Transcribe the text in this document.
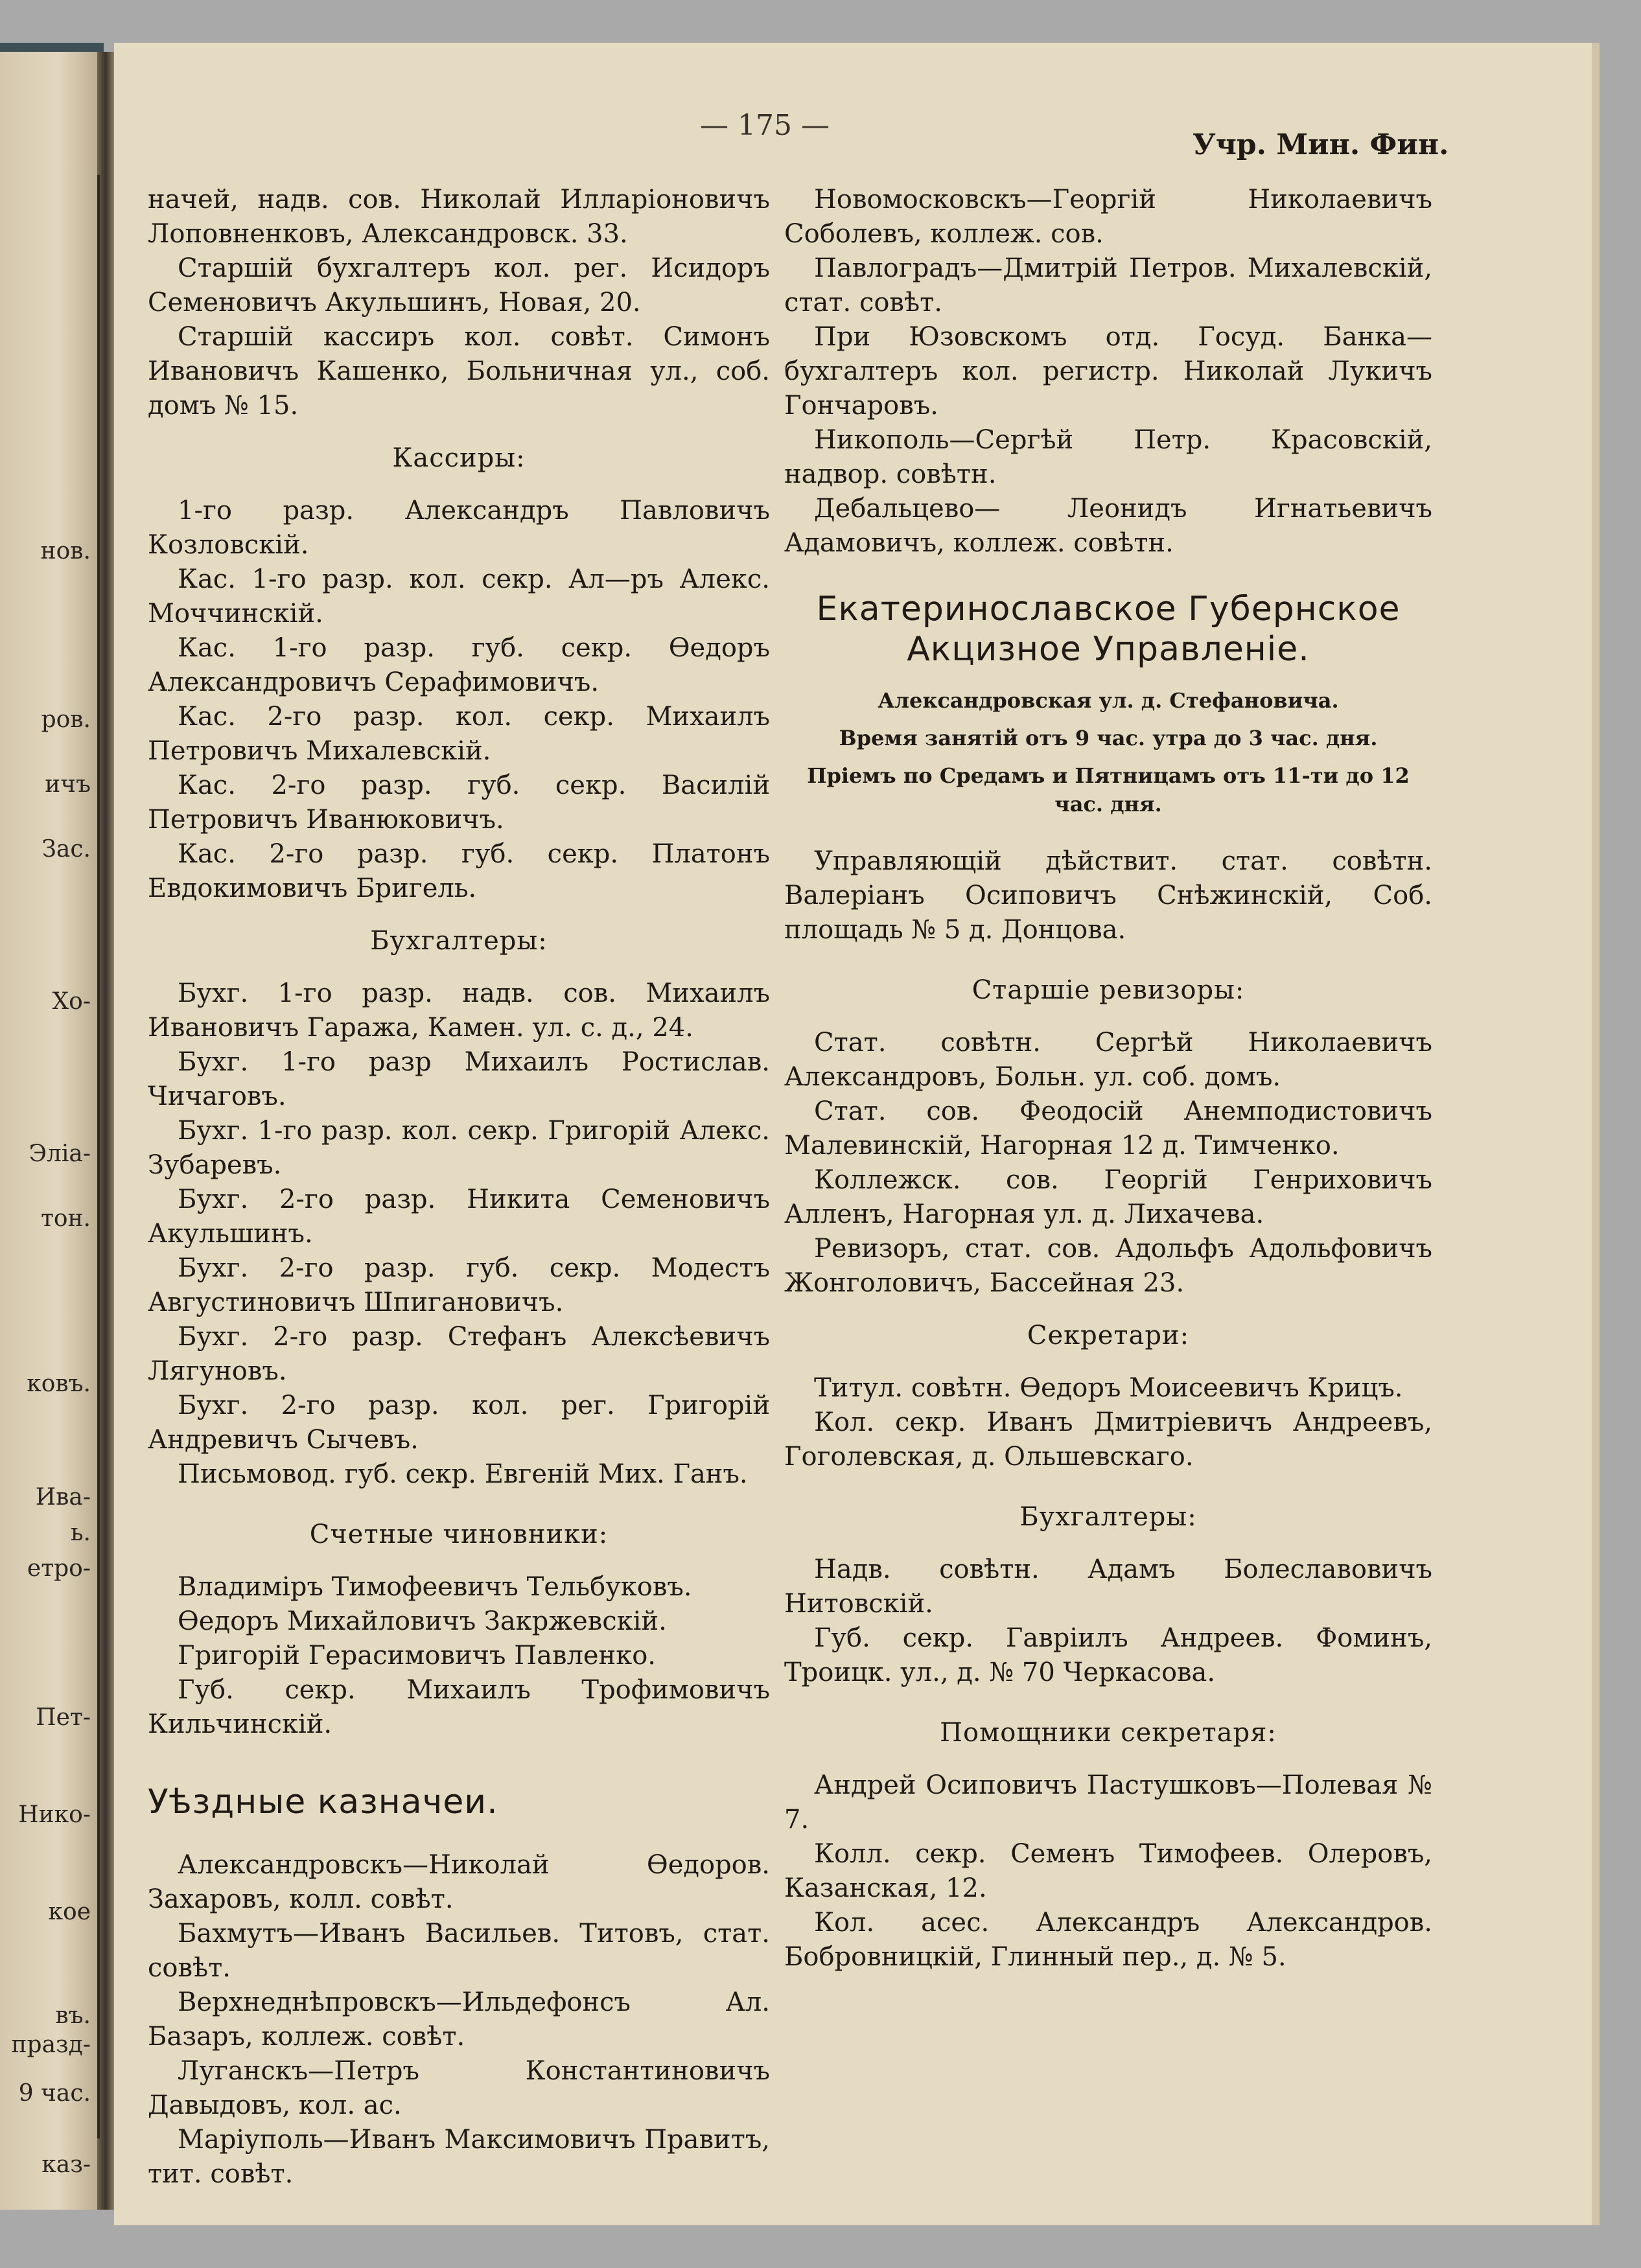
нов.
ров.
ичъ
Зас.
Хо-
Эліа-
тон.
ковъ.
Ива-
ь.
етро-
Пет-
Нико-
кое
въ.
празд-
9 час.
каз-
— 175 —
Учр. Мин. Фин.

начей, надв. сов. Николай Илларіоновичъ Лоповненковъ, Александровск. 33.

Старшій бухгалтеръ кол. рег. Исидоръ Семеновичъ Акульшинъ, Новая, 20.

Старшій кассиръ кол. совѣт. Симонъ Ивановичъ Кашенко, Больничная ул., соб. домъ № 15.

Кассиры:

1-го разр. Александръ Павловичъ Козловскій.

Кас. 1-го разр. кол. секр. Ал—ръ Алекс. Моччинскій.

Кас. 1-го разр. губ. секр. Өедоръ Александровичъ Серафимовичъ.

Кас. 2-го разр. кол. секр. Михаилъ Петровичъ Михалевскій.

Кас. 2-го разр. губ. секр. Василій Петровичъ Иванюковичъ.

Кас. 2-го разр. губ. секр. Платонъ Евдокимовичъ Бригель.

Бухгалтеры:

Бухг. 1-го разр. надв. сов. Михаилъ Ивановичъ Гаражa, Камен. ул. с. д., 24.

Бухг. 1-го разр Михаилъ Ростислав. Чичаговъ.

Бухг. 1-го разр. кол. секр. Григорій Алекс. Зубаревъ.

Бухг. 2-го разр. Никита Семеновичъ Акульшинъ.

Бухг. 2-го разр. губ. секр. Модестъ Августиновичъ Шпигановичъ.

Бухг. 2-го разр. Стефанъ Алексѣевичъ Лягуновъ.

Бухг. 2-го разр. кол. рег. Григорій Андревичъ Сычевъ.

Письмовод. губ. секр. Евгеній Мих. Ганъ.

Счетные чиновники:

Владиміръ Тимофеевичъ Тельбуковъ.

Өедоръ Михайловичъ Закржевскій.

Григорій Герасимовичъ Павленко.

Губ. секр. Михаилъ Трофимовичъ Кильчинскій.

Уѣздные казначеи.

Александровскъ—Николай Өедоров. Захаровъ, колл. совѣт.

Бахмутъ—Иванъ Васильев. Титовъ, стат. совѣт.

Верхнеднѣпровскъ—Ильдефонсъ Ал. Базаръ, коллеж. совѣт.

Луганскъ—Петръ Константиновичъ Давыдовъ, кол. ас.

Маріуполь—Иванъ Максимовичъ Правитъ, тит. совѣт.

Новомосковскъ—Георгій Николаевичъ Соболевъ, коллеж. сов.

Павлоградъ—Дмитрій Петров. Михалевскій, стат. совѣт.

При Юзовскомъ отд. Госуд. Банка—бухгалтеръ кол. регистр. Николай Лукичъ Гончаровъ.

Никополь—Сергѣй Петр. Красовскій, надвор. совѣтн.

Дебальцево— Леонидъ Игнатьевичъ Адамовичъ, коллеж. совѣтн.

Екатеринославское Губернское Акцизное Управленіе.
Александровская ул. д. Стефановича.
Время занятій отъ 9 час. утра до 3 час. дня.
Пріемъ по Средамъ и Пятницамъ отъ 11-ти до 12 час. дня.

Управляющій дѣйствит. стат. совѣтн. Валеріанъ Осиповичъ Снѣжинскій, Соб. площадь № 5 д. Донцова.

Старшіе ревизоры:

Стат. совѣтн. Сергѣй Николаевичъ Александровъ, Больн. ул. соб. домъ.

Стат. сов. Феодосій Анемподистовичъ Малевинскій, Нагорная 12 д. Тимченко.

Коллежск. сов. Георгій Генриховичъ Алленъ, Нагорная ул. д. Лихачева.

Ревизоръ, стат. сов. Адольфъ Адольфовичъ Жонголовичъ, Бассейная 23.

Секретари:

Титул. совѣтн. Өедоръ Моисеевичъ Крицъ.

Кол. секр. Иванъ Дмитріевичъ Андреевъ, Гоголевская, д. Ольшевскаго.

Бухгалтеры:

Надв. совѣтн. Адамъ Болеславовичъ Нитовскій.

Губ. секр. Гавріилъ Андреев. Фоминъ, Троицк. ул., д. № 70 Черкасова.

Помощники секретаря:

Андрей Осиповичъ Пастушковъ—Полевая № 7.

Колл. секр. Семенъ Тимофеев. Олеровъ, Казанская, 12.

Кол. асес. Александръ Александров. Бобровницкій, Глинный пер., д. № 5.
